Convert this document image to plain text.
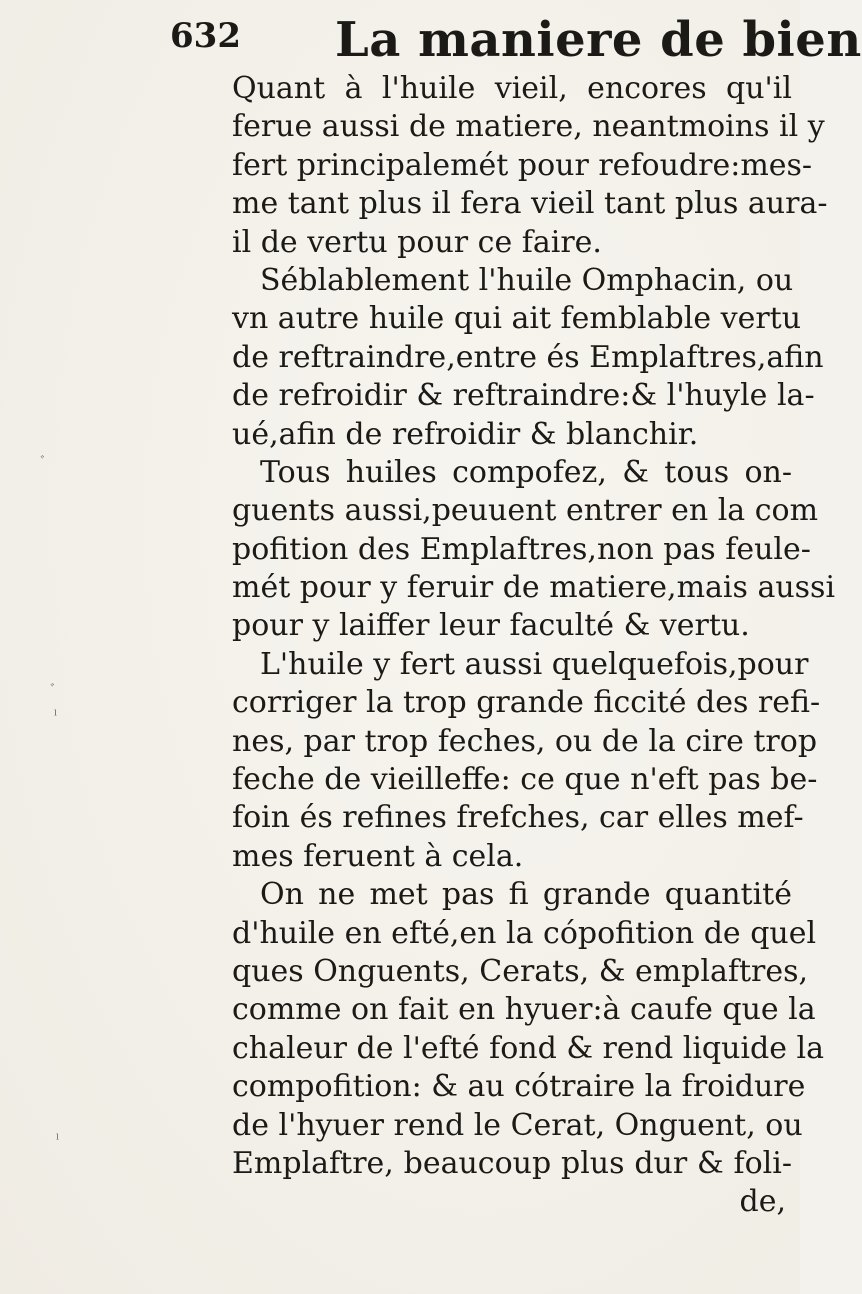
632 La maniere de bien
Quant à l'huile vieil, encores qu'il
ferue aussi de matiere, neantmoins il y
fert principalemét pour refoudre:mes-
me tant plus il fera vieil tant plus aura-
il de vertu pour ce faire.
Séblablement l'huile Omphacin, ou
vn autre huile qui ait femblable vertu
de reftraindre,entre és Emplaftres,afin
de refroidir & reftraindre:& l'huyle la-
ué,afin de refroidir & blanchir.
Tous huiles compofez, & tous on-
guents aussi,peuuent entrer en la com
pofition des Emplaftres,non pas feule-
mét pour y feruir de matiere,mais aussi
pour y laiffer leur faculté & vertu.
L'huile y fert aussi quelquefois,pour
corriger la trop grande ficcité des refi-
nes, par trop feches, ou de la cire trop
feche de vieilleffe: ce que n'eft pas be-
foin és refines frefches, car elles mef-
mes feruent à cela.
On ne met pas fi grande quantité
d'huile en efté,en la cópofition de quel
ques Onguents, Cerats, & emplaftres,
comme on fait en hyuer:à caufe que la
chaleur de l'efté fond & rend liquide la
compofition: & au cótraire la froidure
de l'hyuer rend le Cerat, Onguent, ou
Emplaftre, beaucoup plus dur & foli-
de,
ﾞ
ﾞ
ˡ
ˡ
